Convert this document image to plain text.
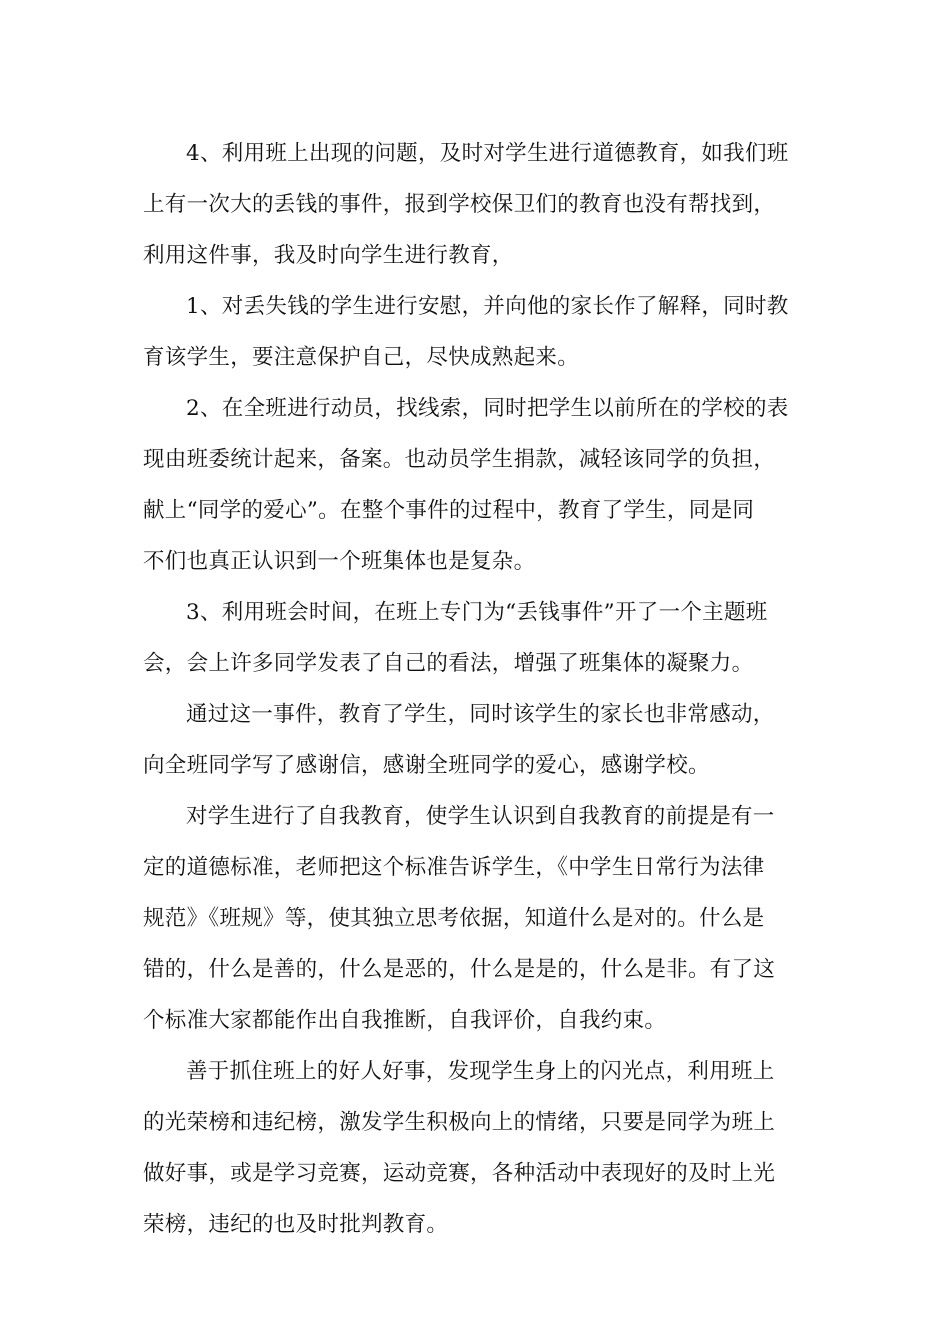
4、利用班上出现的问题，及时对学生进行道德教育，如我们班
上有一次大的丢钱的事件，报到学校保卫们的教育也没有帮找到，
利用这件事，我及时向学生进行教育，

1、对丢失钱的学生进行安慰，并向他的家长作了解释，同时教
育该学生，要注意保护自己，尽快成熟起来。

2、在全班进行动员，找线索，同时把学生以前所在的学校的表
现由班委统计起来，备案。也动员学生捐款，减轻该同学的负担，
献上“同学的爱心”。在整个事件的过程中，教育了学生，同是同
不们也真正认识到一个班集体也是复杂。

3、利用班会时间，在班上专门为“丢钱事件”开了一个主题班
会，会上许多同学发表了自己的看法，增强了班集体的凝聚力。

通过这一事件，教育了学生，同时该学生的家长也非常感动，
向全班同学写了感谢信，感谢全班同学的爱心，感谢学校。

对学生进行了自我教育，使学生认识到自我教育的前提是有一
定的道德标准，老师把这个标准告诉学生，《中学生日常行为法律
规范》《班规》等，使其独立思考依据，知道什么是对的。什么是
错的，什么是善的，什么是恶的，什么是是的，什么是非。有了这
个标准大家都能作出自我推断，自我评价，自我约束。

善于抓住班上的好人好事，发现学生身上的闪光点，利用班上
的光荣榜和违纪榜，激发学生积极向上的情绪，只要是同学为班上
做好事，或是学习竞赛，运动竞赛，各种活动中表现好的及时上光
荣榜，违纪的也及时批判教育。
